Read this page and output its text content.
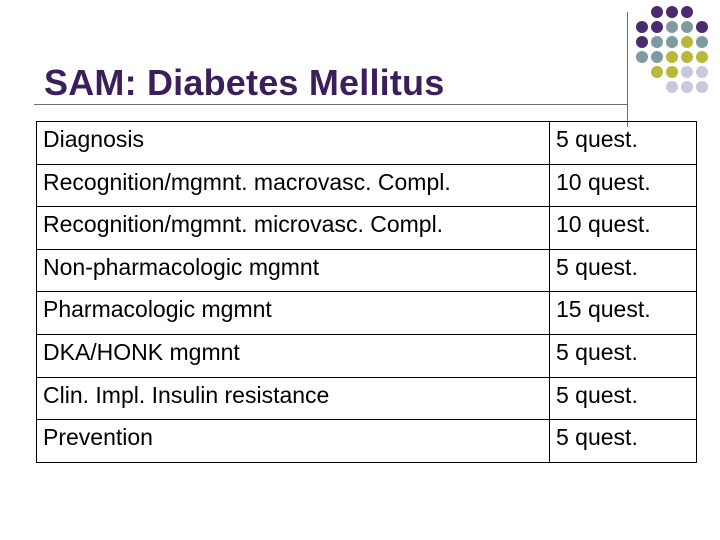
SAM: Diabetes Mellitus
Diagnosis	5 quest.
Recognition/mgmnt. macrovasc. Compl.	10 quest.
Recognition/mgmnt. microvasc. Compl.	10 quest.
Non-pharmacologic mgmnt	5 quest.
Pharmacologic mgmnt	15 quest.
DKA/HONK mgmnt	5 quest.
Clin. Impl. Insulin resistance	5 quest.
Prevention	5 quest.
